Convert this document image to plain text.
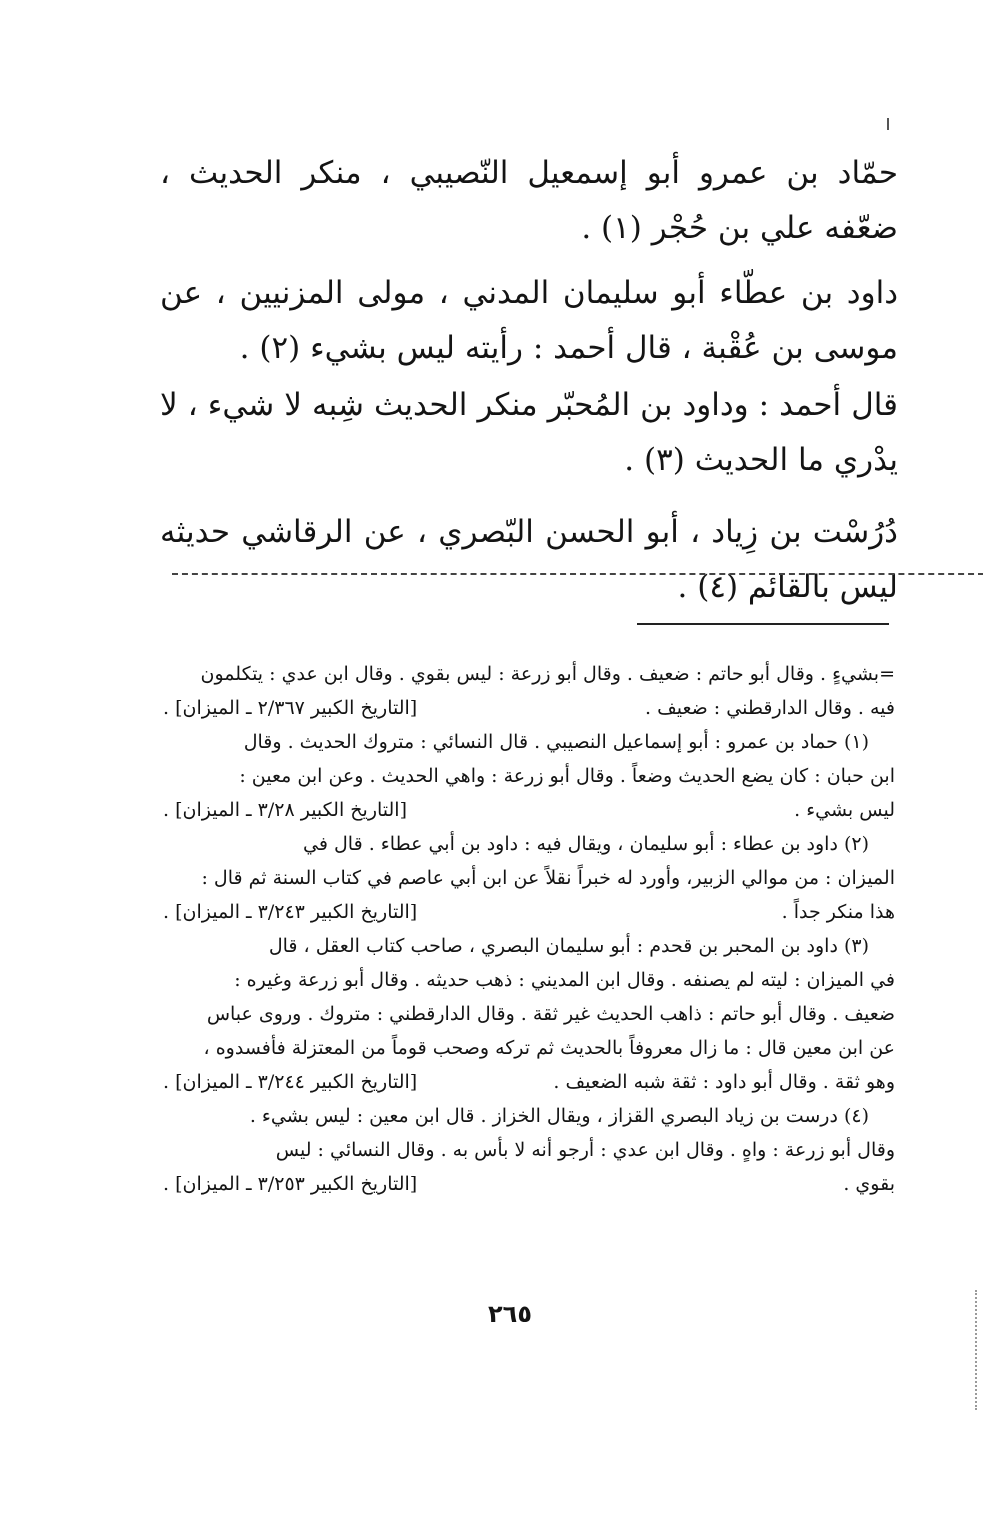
حمّاد بن عمرو أبو إسمعيل النّصيبي ، منكر الحديث ، ضعّفه علي بن حُجْر (١) .

داود بن عطّاء أبو سليمان المدني ، مولى المزنيين ، عن موسى بن عُقْبة ، قال أحمد : رأيته ليس بشيء (٢) .

قال أحمد : وداود بن المُحبّر منكر الحديث شِبه لا شيء ، لا يدْري ما الحديث (٣) .

دُرُسْت بن زِياد ، أبو الحسن البّصري ، عن الرقاشي حديثه ليس بالقائم (٤) .

=بشيءٍ . وقال أبو حاتم : ضعيف . وقال أبو زرعة : ليس بقوي . وقال ابن عدي : يتكلمون
فيه . وقال الدارقطني : ضعيف .
[التاريخ الكبير ٢/٣٦٧ ـ الميزان] .
(١) حماد بن عمرو : أبو إسماعيل النصيبي . قال النسائي : متروك الحديث . وقال
ابن حبان : كان يضع الحديث وضعاً . وقال أبو زرعة : واهي الحديث . وعن ابن معين :
ليس بشيء .
[التاريخ الكبير ٣/٢٨ ـ الميزان] .
(٢) داود بن عطاء : أبو سليمان ، ويقال فيه : داود بن أبي عطاء . قال في
الميزان : من موالي الزبير، وأورد له خبراً نقلاً عن ابن أبي عاصم في كتاب السنة ثم قال :
هذا منكر جداً .
[التاريخ الكبير ٣/٢٤٣ ـ الميزان] .
(٣) داود بن المحبر بن قحدم : أبو سليمان البصري ، صاحب كتاب العقل ، قال
في الميزان : ليته لم يصنفه . وقال ابن المديني : ذهب حديثه . وقال أبو زرعة وغيره :
ضعيف . وقال أبو حاتم : ذاهب الحديث غير ثقة . وقال الدارقطني : متروك . وروى عباس
عن ابن معين قال : ما زال معروفاً بالحديث ثم تركه وصحب قوماً من المعتزلة فأفسدوه ،
وهو ثقة . وقال أبو داود : ثقة شبه الضعيف .
[التاريخ الكبير ٣/٢٤٤ ـ الميزان] .
(٤) درست بن زياد البصري القزاز ، ويقال الخزاز . قال ابن معين : ليس بشيء .
وقال أبو زرعة : واهٍ . وقال ابن عدي : أرجو أنه لا بأس به . وقال النسائي : ليس
بقوي .
[التاريخ الكبير ٣/٢٥٣ ـ الميزان] .
٢٦٥
